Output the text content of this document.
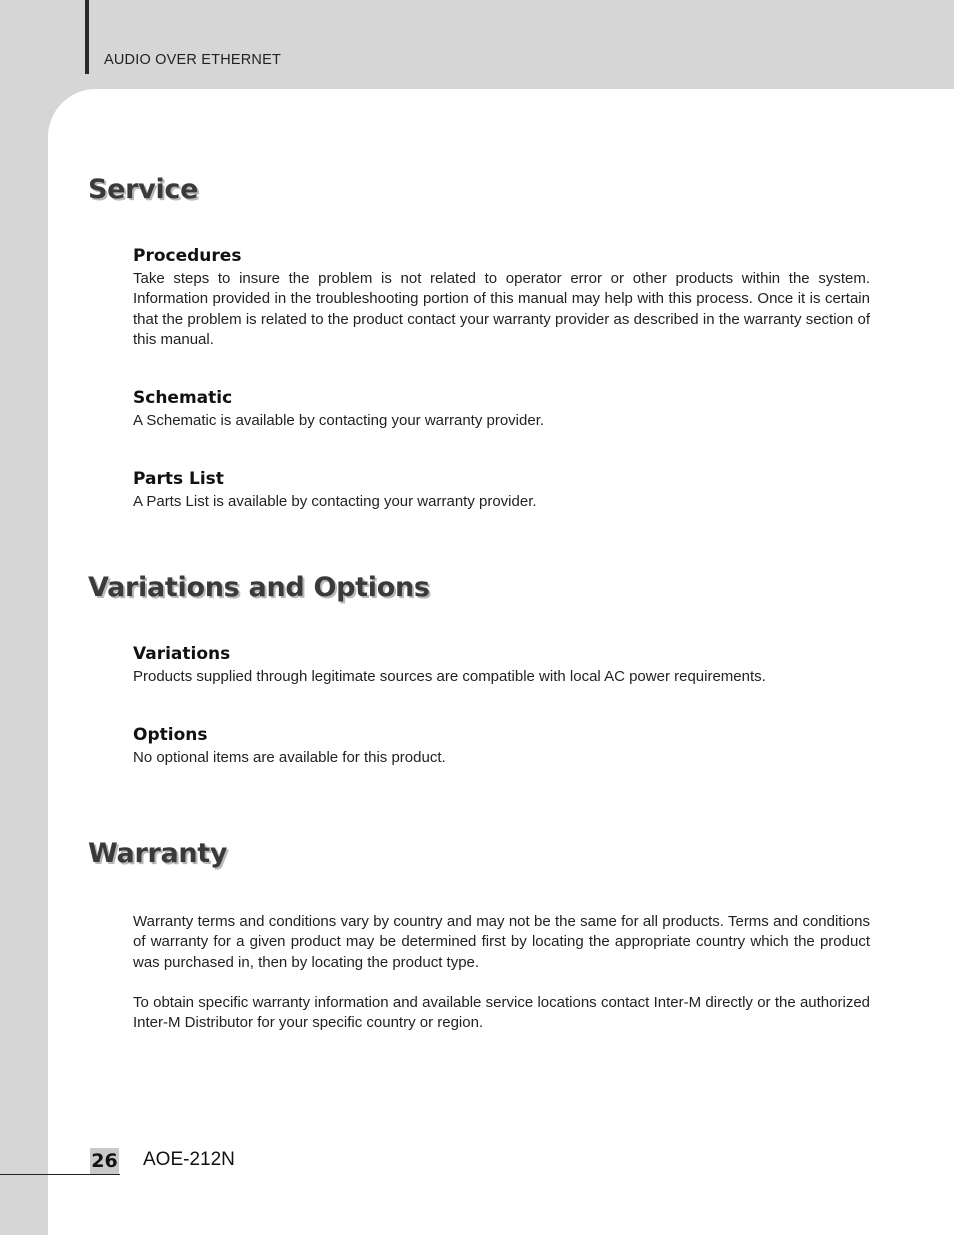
AUDIO OVER ETHERNET
Service
Procedures

Take steps to insure the problem is not related to operator error or other products within the system. Information provided in the troubleshooting portion of this manual may help with this process. Once it is certain that the problem is related to the product contact your warranty provider as described in the warranty section of this manual.

Schematic

A Schematic is available by contacting your warranty provider.

Parts List

A Parts List is available by contacting your warranty provider.

Variations and Options
Variations

Products supplied through legitimate sources are compatible with local AC power requirements.

Options

No optional items are available for this product.

Warranty

Warranty terms and conditions vary by country and may not be the same for all products. Terms and conditions of warranty for a given product may be determined first by locating the appropriate country which the product was purchased in, then by locating the product type.

To obtain specific warranty information and available service locations contact Inter-M directly or the authorized Inter-M Distributor for your specific country or region.

26 AOE-212N
